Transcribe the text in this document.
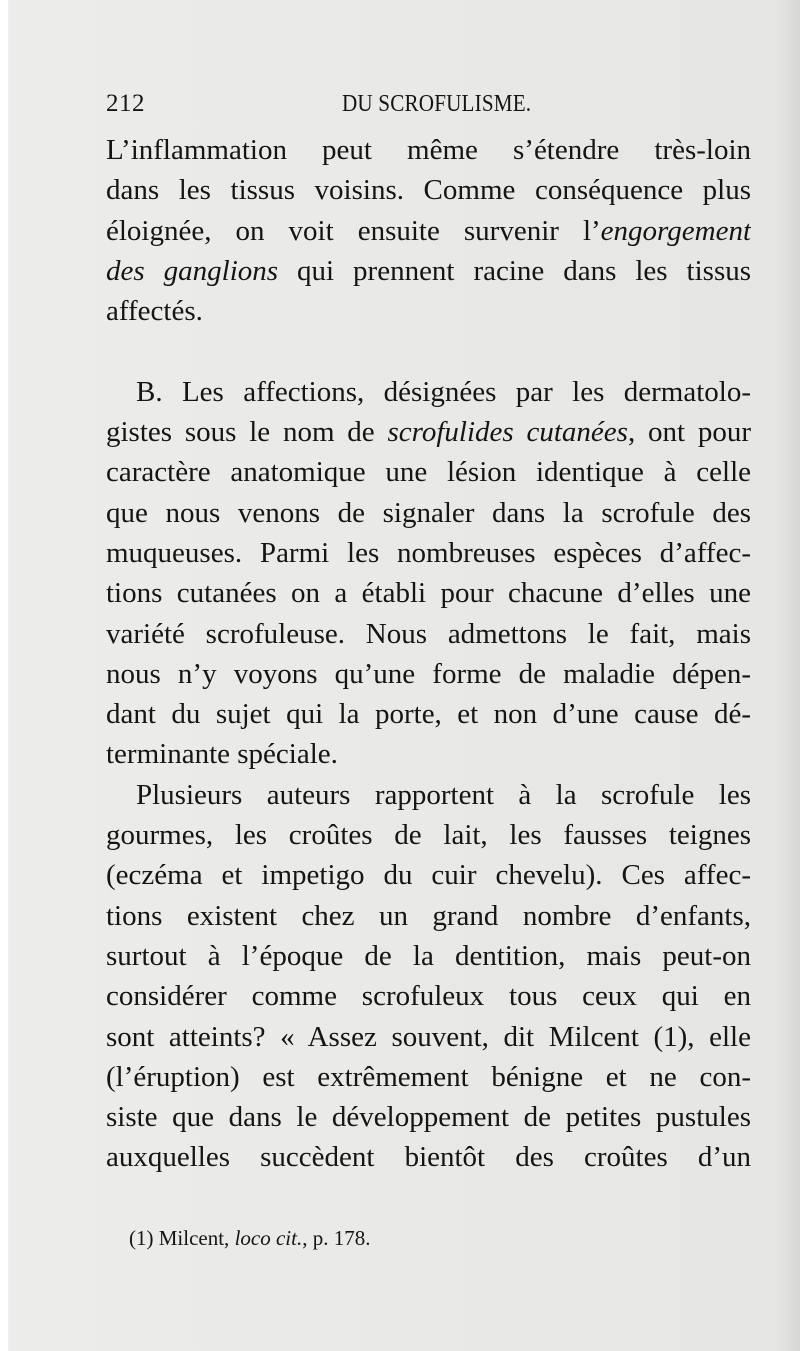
212	DU SCROFULISME.
L’inflammation peut même s’étendre très-loin
dans les tissus voisins. Comme conséquence plus
éloignée, on voit ensuite survenir l’engorgement
des ganglions qui prennent racine dans les tissus
affectés.
B. Les affections, désignées par les dermatolo-
gistes sous le nom de scrofulides cutanées, ont pour
caractère anatomique une lésion identique à celle
que nous venons de signaler dans la scrofule des
muqueuses. Parmi les nombreuses espèces d’affec-
tions cutanées on a établi pour chacune d’elles une
variété scrofuleuse. Nous admettons le fait, mais
nous n’y voyons qu’une forme de maladie dépen-
dant du sujet qui la porte, et non d’une cause dé-
terminante spéciale.
Plusieurs auteurs rapportent à la scrofule les
gourmes, les croûtes de lait, les fausses teignes
(eczéma et impetigo du cuir chevelu). Ces affec-
tions existent chez un grand nombre d’enfants,
surtout à l’époque de la dentition, mais peut-on
considérer comme scrofuleux tous ceux qui en
sont atteints? « Assez souvent, dit Milcent (1), elle
(l’éruption) est extrêmement bénigne et ne con-
siste que dans le développement de petites pustules
auxquelles succèdent bientôt des croûtes d’un
(1) Milcent, loco cit., p. 178.
